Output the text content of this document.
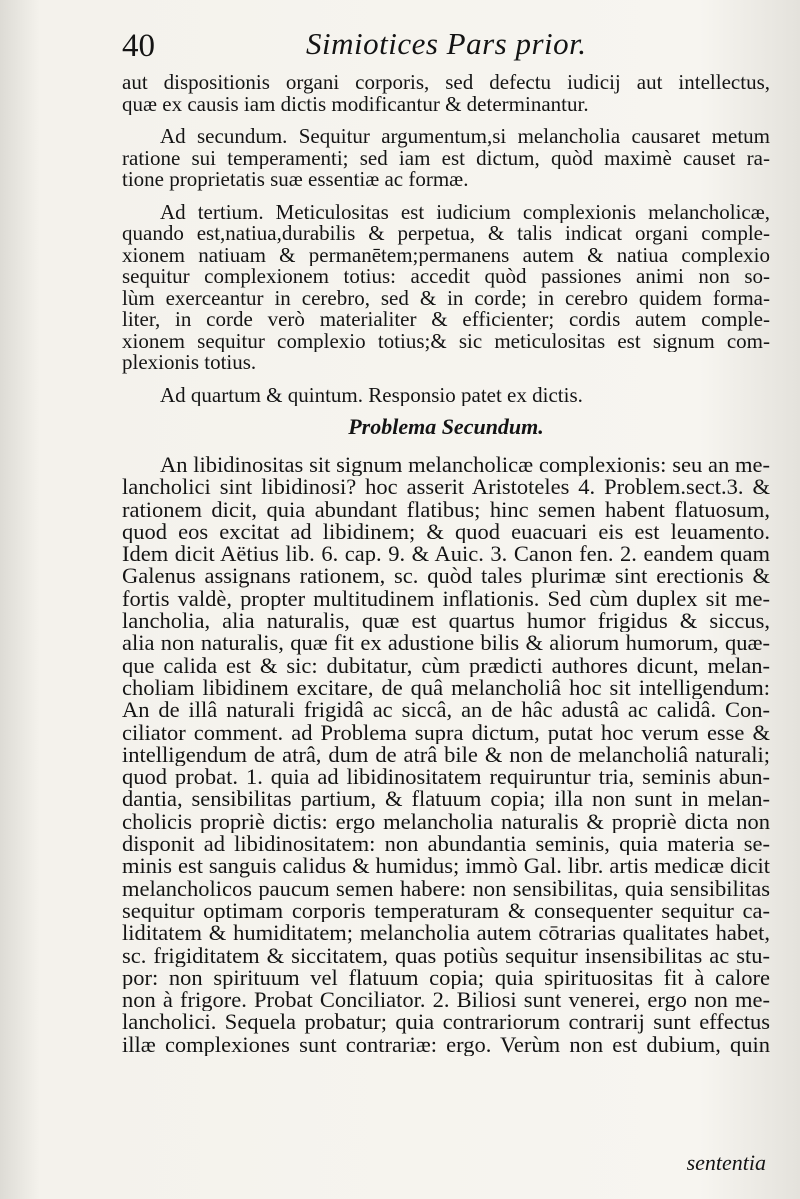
40	Simiotices Pars prior.
aut dispositionis organi corporis, sed defectu iudicij aut intellectus,
quæ ex causis iam dictis modificantur & determinantur.
Ad secundum. Sequitur argumentum,si melancholia causaret metum
ratione sui temperamenti; sed iam est dictum, quòd maximè causet ra-
tione proprietatis suæ essentiæ ac formæ.
Ad tertium. Meticulositas est iudicium complexionis melancholicæ,
quando est,natiua,durabilis & perpetua, & talis indicat organi comple-
xionem natiuam & permanētem;permanens autem & natiua complexio
sequitur complexionem totius: accedit quòd passiones animi non so-
lùm exerceantur in cerebro, sed & in corde; in cerebro quidem forma-
liter, in corde verò materialiter & efficienter; cordis autem comple-
xionem sequitur complexio totius;& sic meticulositas est signum com-
plexionis totius.
Ad quartum & quintum. Responsio patet ex dictis.
Problema Secundum.
An libidinositas sit signum melancholicæ complexionis: seu an me-
lancholici sint libidinosi? hoc asserit Aristoteles 4. Problem.sect.3. &
rationem dicit, quia abundant flatibus; hinc semen habent flatuosum,
quod eos excitat ad libidinem; & quod euacuari eis est leuamento.
Idem dicit Aëtius lib. 6. cap. 9. & Auic. 3. Canon fen. 2. eandem quam
Galenus assignans rationem, sc. quòd tales plurimæ sint erectionis &
fortis valdè, propter multitudinem inflationis. Sed cùm duplex sit me-
lancholia, alia naturalis, quæ est quartus humor frigidus & siccus,
alia non naturalis, quæ fit ex adustione bilis & aliorum humorum, quæ-
que calida est & sic: dubitatur, cùm prædicti authores dicunt, melan-
choliam libidinem excitare, de quâ melancholiâ hoc sit intelligendum:
An de illâ naturali frigidâ ac siccâ, an de hâc adustâ ac calidâ. Con-
ciliator comment. ad Problema supra dictum, putat hoc verum esse &
intelligendum de atrâ, dum de atrâ bile & non de melancholiâ naturali;
quod probat. 1. quia ad libidinositatem requiruntur tria, seminis abun-
dantia, sensibilitas partium, & flatuum copia; illa non sunt in melan-
cholicis propriè dictis: ergo melancholia naturalis & propriè dicta non
disponit ad libidinositatem: non abundantia seminis, quia materia se-
minis est sanguis calidus & humidus; immò Gal. libr. artis medicæ dicit
melancholicos paucum semen habere: non sensibilitas, quia sensibilitas
sequitur optimam corporis temperaturam & consequenter sequitur ca-
liditatem & humiditatem; melancholia autem cōtrarias qualitates habet,
sc. frigiditatem & siccitatem, quas potiùs sequitur insensibilitas ac stu-
por: non spirituum vel flatuum copia; quia spirituositas fit à calore
non à frigore. Probat Conciliator. 2. Biliosi sunt venerei, ergo non me-
lancholici. Sequela probatur; quia contrariorum contrarij sunt effectus
illæ complexiones sunt contrariæ: ergo. Verùm non est dubium, quin
sententia
